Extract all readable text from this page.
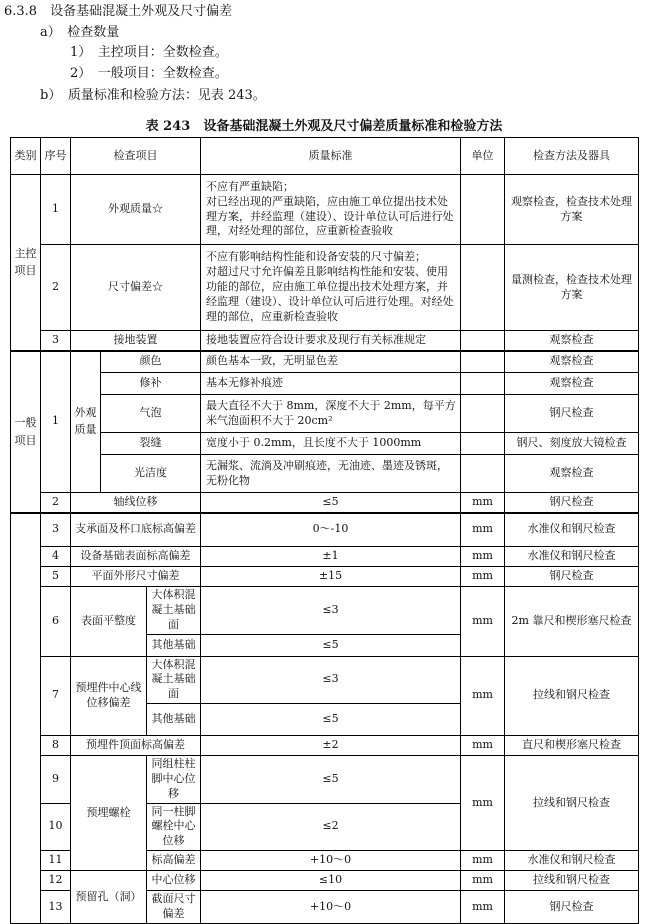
6.3.8　设备基础混凝土外观及尺寸偏差
a）　检查数量
1）　主控项目：全数检查。
2）　一般项目：全数检查。
b）　质量标准和检验方法：见表 243。
表 243　设备基础混凝土外观及尺寸偏差质量标准和检验方法
类别	序号	检查项目			质量标准	单位	检查方法及器具
主控项目	1	外观质量☆			不应有严重缺陷；
对已经出现的严重缺陷，应由施工单位提出技术处理方案，并经监理（建设）、设计单位认可后进行处理，对经处理的部位，应重新检查验收		观察检查，检查技术处理方案
	2	尺寸偏差☆			不应有影响结构性能和设备安装的尺寸偏差；
对超过尺寸允许偏差且影响结构性能和安装、使用功能的部位，应由施工单位提出技术处理方案，并经监理（建设）、设计单位认可后进行处理。对经处理的部位，应重新检查验收		量测检查，检查技术处理方案
	3	接地装置			接地装置应符合设计要求及现行有关标准规定		观察检查
一般项目	1	外观质量	颜色		颜色基本一致，无明显色差		观察检查
			修补		基本无修补痕迹		观察检查
			气泡		最大直径不大于 8mm，深度不大于 2mm，每平方米气泡面积不大于 20cm²		钢尺检查
			裂缝		宽度小于 0.2mm，且长度不大于 1000mm		钢尺、刻度放大镜检查
			光洁度		无漏浆、流淌及冲刷痕迹，无油迹、墨迹及锈斑，无粉化物		观察检查
	2	轴线位移			≤5	mm	钢尺检查
	3	支承面及杯口底标高偏差			0～-10	mm	水准仪和钢尺检查
	4	设备基础表面标高偏差			±1	mm	水准仪和钢尺检查
	5	平面外形尺寸偏差			±15	mm	钢尺检查
	6	表面平整度		大体积混凝土基础面	≤3	mm	2m 靠尺和楔形塞尺检查
				其他基础	≤5		
	7	预埋件中心线位移偏差		大体积混凝土基础面	≤3	mm	拉线和钢尺检查
				其他基础	≤5		
	8	预埋件顶面标高偏差			±2	mm	直尺和楔形塞尺检查
	9	预埋螺栓		同组柱柱脚中心位移	≤5	mm	拉线和钢尺检查
	10			同一柱脚螺栓中心位移	≤2		
	11			标高偏差	+10～0	mm	水准仪和钢尺检查
	12	预留孔（洞）		中心位移	≤10	mm	拉线和钢尺检查
	13			截面尺寸偏差	+10～0	mm	钢尺检查
